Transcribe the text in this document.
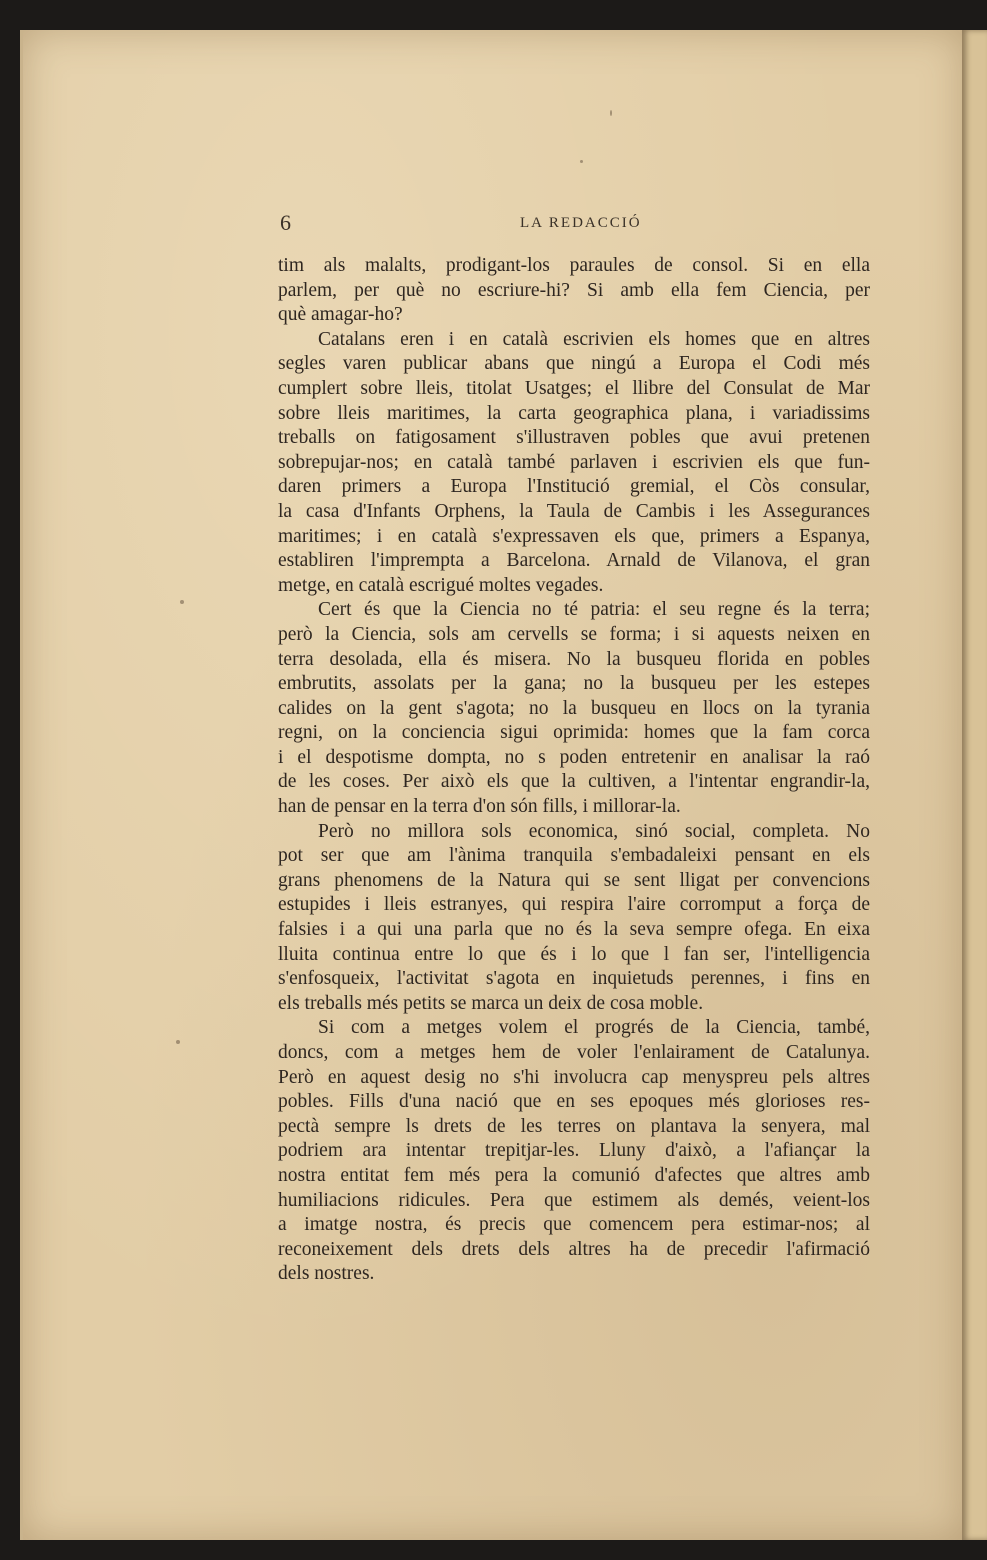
6	LA REDACCIÓ
tim als malalts, prodigant-los paraules de consol. Si en ella
parlem, per què no escriure-hi? Si amb ella fem Ciencia, per
què amagar-ho?
Catalans eren i en català escrivien els homes que en altres
segles varen publicar abans que ningú a Europa el Codi més
cumplert sobre lleis, titolat Usatges; el llibre del Consulat de Mar
sobre lleis maritimes, la carta geographica plana, i variadissims
treballs on fatigosament s'illustraven pobles que avui pretenen
sobrepujar-nos; en català també parlaven i escrivien els que fun-
daren primers a Europa l'Institució gremial, el Còs consular,
la casa d'Infants Orphens, la Taula de Cambis i les Assegurances
maritimes; i en català s'expressaven els que, primers a Espanya,
establiren l'imprempta a Barcelona. Arnald de Vilanova, el gran
metge, en català escrigué moltes vegades.
Cert és que la Ciencia no té patria: el seu regne és la terra;
però la Ciencia, sols am cervells se forma; i si aquests neixen en
terra desolada, ella és misera. No la busqueu florida en pobles
embrutits, assolats per la gana; no la busqueu per les estepes
calides on la gent s'agota; no la busqueu en llocs on la tyrania
regni, on la conciencia sigui oprimida: homes que la fam corca
i el despotisme dompta, no s poden entretenir en analisar la raó
de les coses. Per això els que la cultiven, a l'intentar engrandir-la,
han de pensar en la terra d'on són fills, i millorar-la.
Però no millora sols economica, sinó social, completa. No
pot ser que am l'ànima tranquila s'embadaleixi pensant en els
grans phenomens de la Natura qui se sent lligat per convencions
estupides i lleis estranyes, qui respira l'aire corromput a força de
falsies i a qui una parla que no és la seva sempre ofega. En eixa
lluita continua entre lo que és i lo que l fan ser, l'intelligencia
s'enfosqueix, l'activitat s'agota en inquietuds perennes, i fins en
els treballs més petits se marca un deix de cosa moble.
Si com a metges volem el progrés de la Ciencia, també,
doncs, com a metges hem de voler l'enlairament de Catalunya.
Però en aquest desig no s'hi involucra cap menyspreu pels altres
pobles. Fills d'una nació que en ses epoques més glorioses res-
pectà sempre ls drets de les terres on plantava la senyera, mal
podriem ara intentar trepitjar-les. Lluny d'això, a l'afiançar la
nostra entitat fem més pera la comunió d'afectes que altres amb
humiliacions ridicules. Pera que estimem als demés, veient-los
a imatge nostra, és precis que comencem pera estimar-nos; al
reconeixement dels drets dels altres ha de precedir l'afirmació
dels nostres.
